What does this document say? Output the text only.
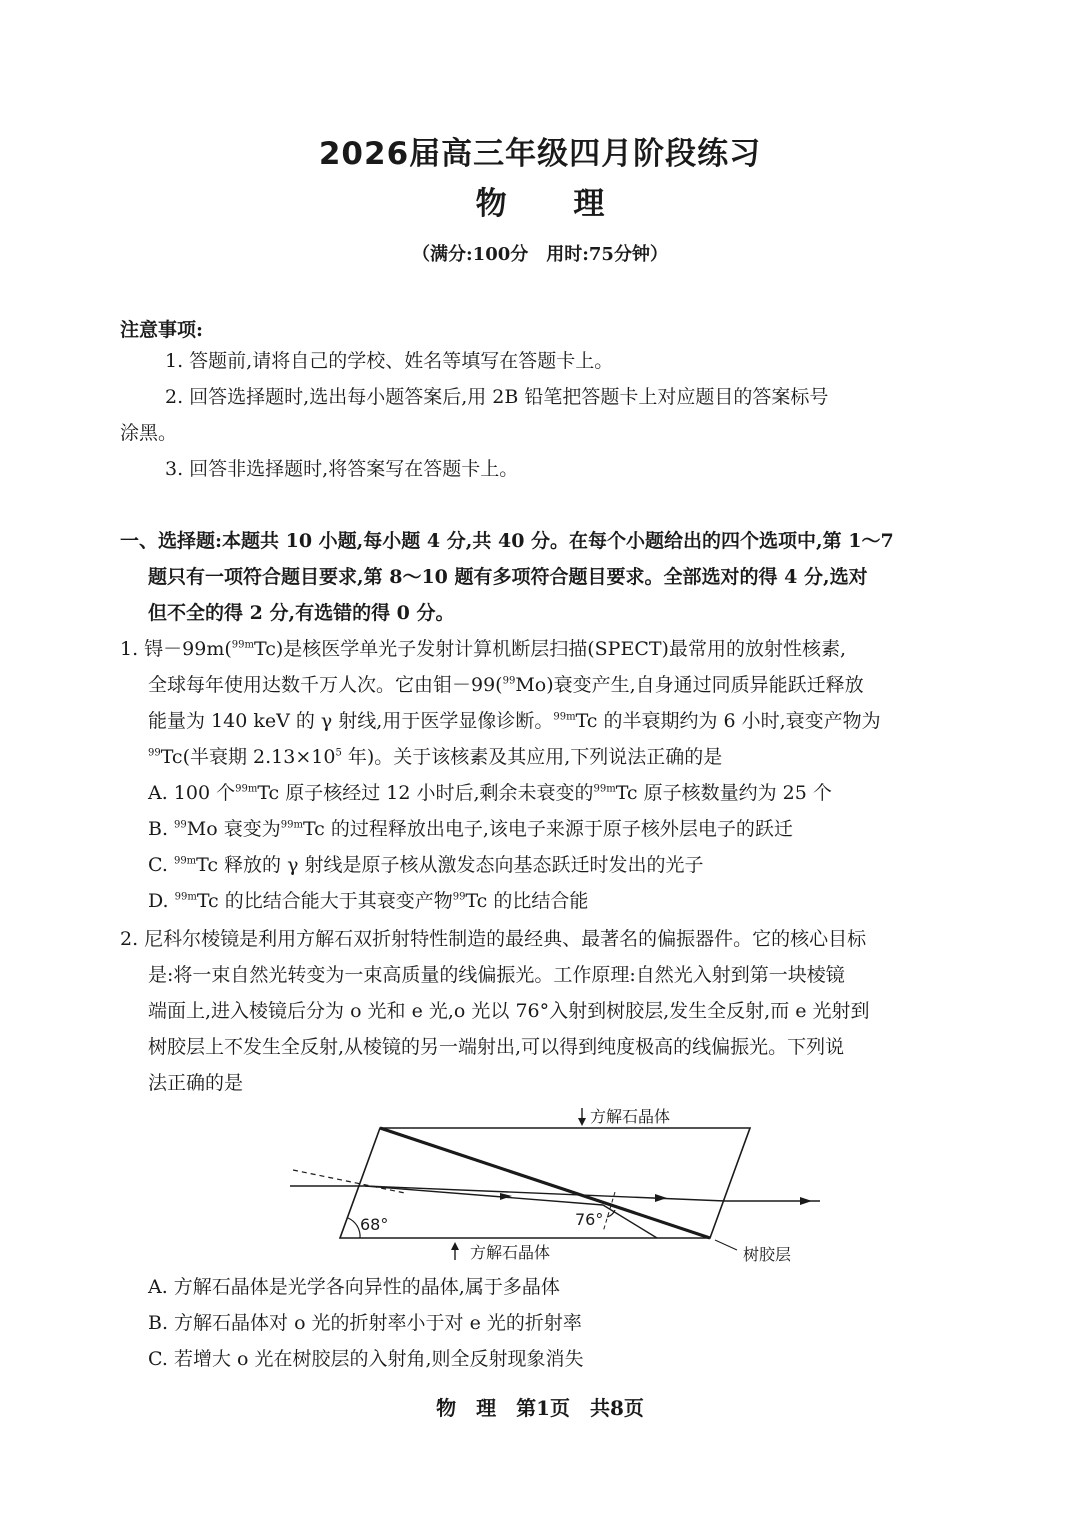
2026届高三年级四月阶段练习
物 理
（满分:100分　用时:75分钟）
注意事项:
1. 答题前,请将自己的学校、姓名等填写在答题卡上。
2. 回答选择题时,选出每小题答案后,用 2B 铅笔把答题卡上对应题目的答案标号
涂黑。
3. 回答非选择题时,将答案写在答题卡上。
一、选择题:本题共 10 小题,每小题 4 分,共 40 分。在每个小题给出的四个选项中,第 1～7
题只有一项符合题目要求,第 8～10 题有多项符合题目要求。全部选对的得 4 分,选对
但不全的得 2 分,有选错的得 0 分。
1. 锝－99m($^{99m}$Tc)是核医学单光子发射计算机断层扫描(SPECT)最常用的放射性核素,
全球每年使用达数千万人次。它由钼－99($^{99}$Mo)衰变产生,自身通过同质异能跃迁释放
能量为 140 keV 的 γ 射线,用于医学显像诊断。$^{99m}$Tc 的半衰期约为 6 小时,衰变产物为
$^{99}$Tc(半衰期 $2.13\times 10^5$ 年)。关于该核素及其应用,下列说法正确的是
A. 100 个$^{99m}$Tc 原子核经过 12 小时后,剩余未衰变的$^{99m}$Tc 原子核数量约为 25 个
B. $^{99}$Mo 衰变为$^{99m}$Tc 的过程释放出电子,该电子来源于原子核外层电子的跃迁
C. $^{99m}$Tc 释放的 γ 射线是原子核从激发态向基态跃迁时发出的光子
D. $^{99m}$Tc 的比结合能大于其衰变产物$^{99}$Tc 的比结合能
2. 尼科尔棱镜是利用方解石双折射特性制造的最经典、最著名的偏振器件。它的核心目标
是:将一束自然光转变为一束高质量的线偏振光。工作原理:自然光入射到第一块棱镜
端面上,进入棱镜后分为 o 光和 e 光,o 光以 76°入射到树胶层,发生全反射,而 e 光射到
树胶层上不发生全反射,从棱镜的另一端射出,可以得到纯度极高的线偏振光。下列说
法正确的是
68°	76°
方解石晶体
方解石晶体	树胶层
A. 方解石晶体是光学各向异性的晶体,属于多晶体
B. 方解石晶体对 o 光的折射率小于对 e 光的折射率
C. 若增大 o 光在树胶层的入射角,则全反射现象消失
物　理　第1页　共8页
